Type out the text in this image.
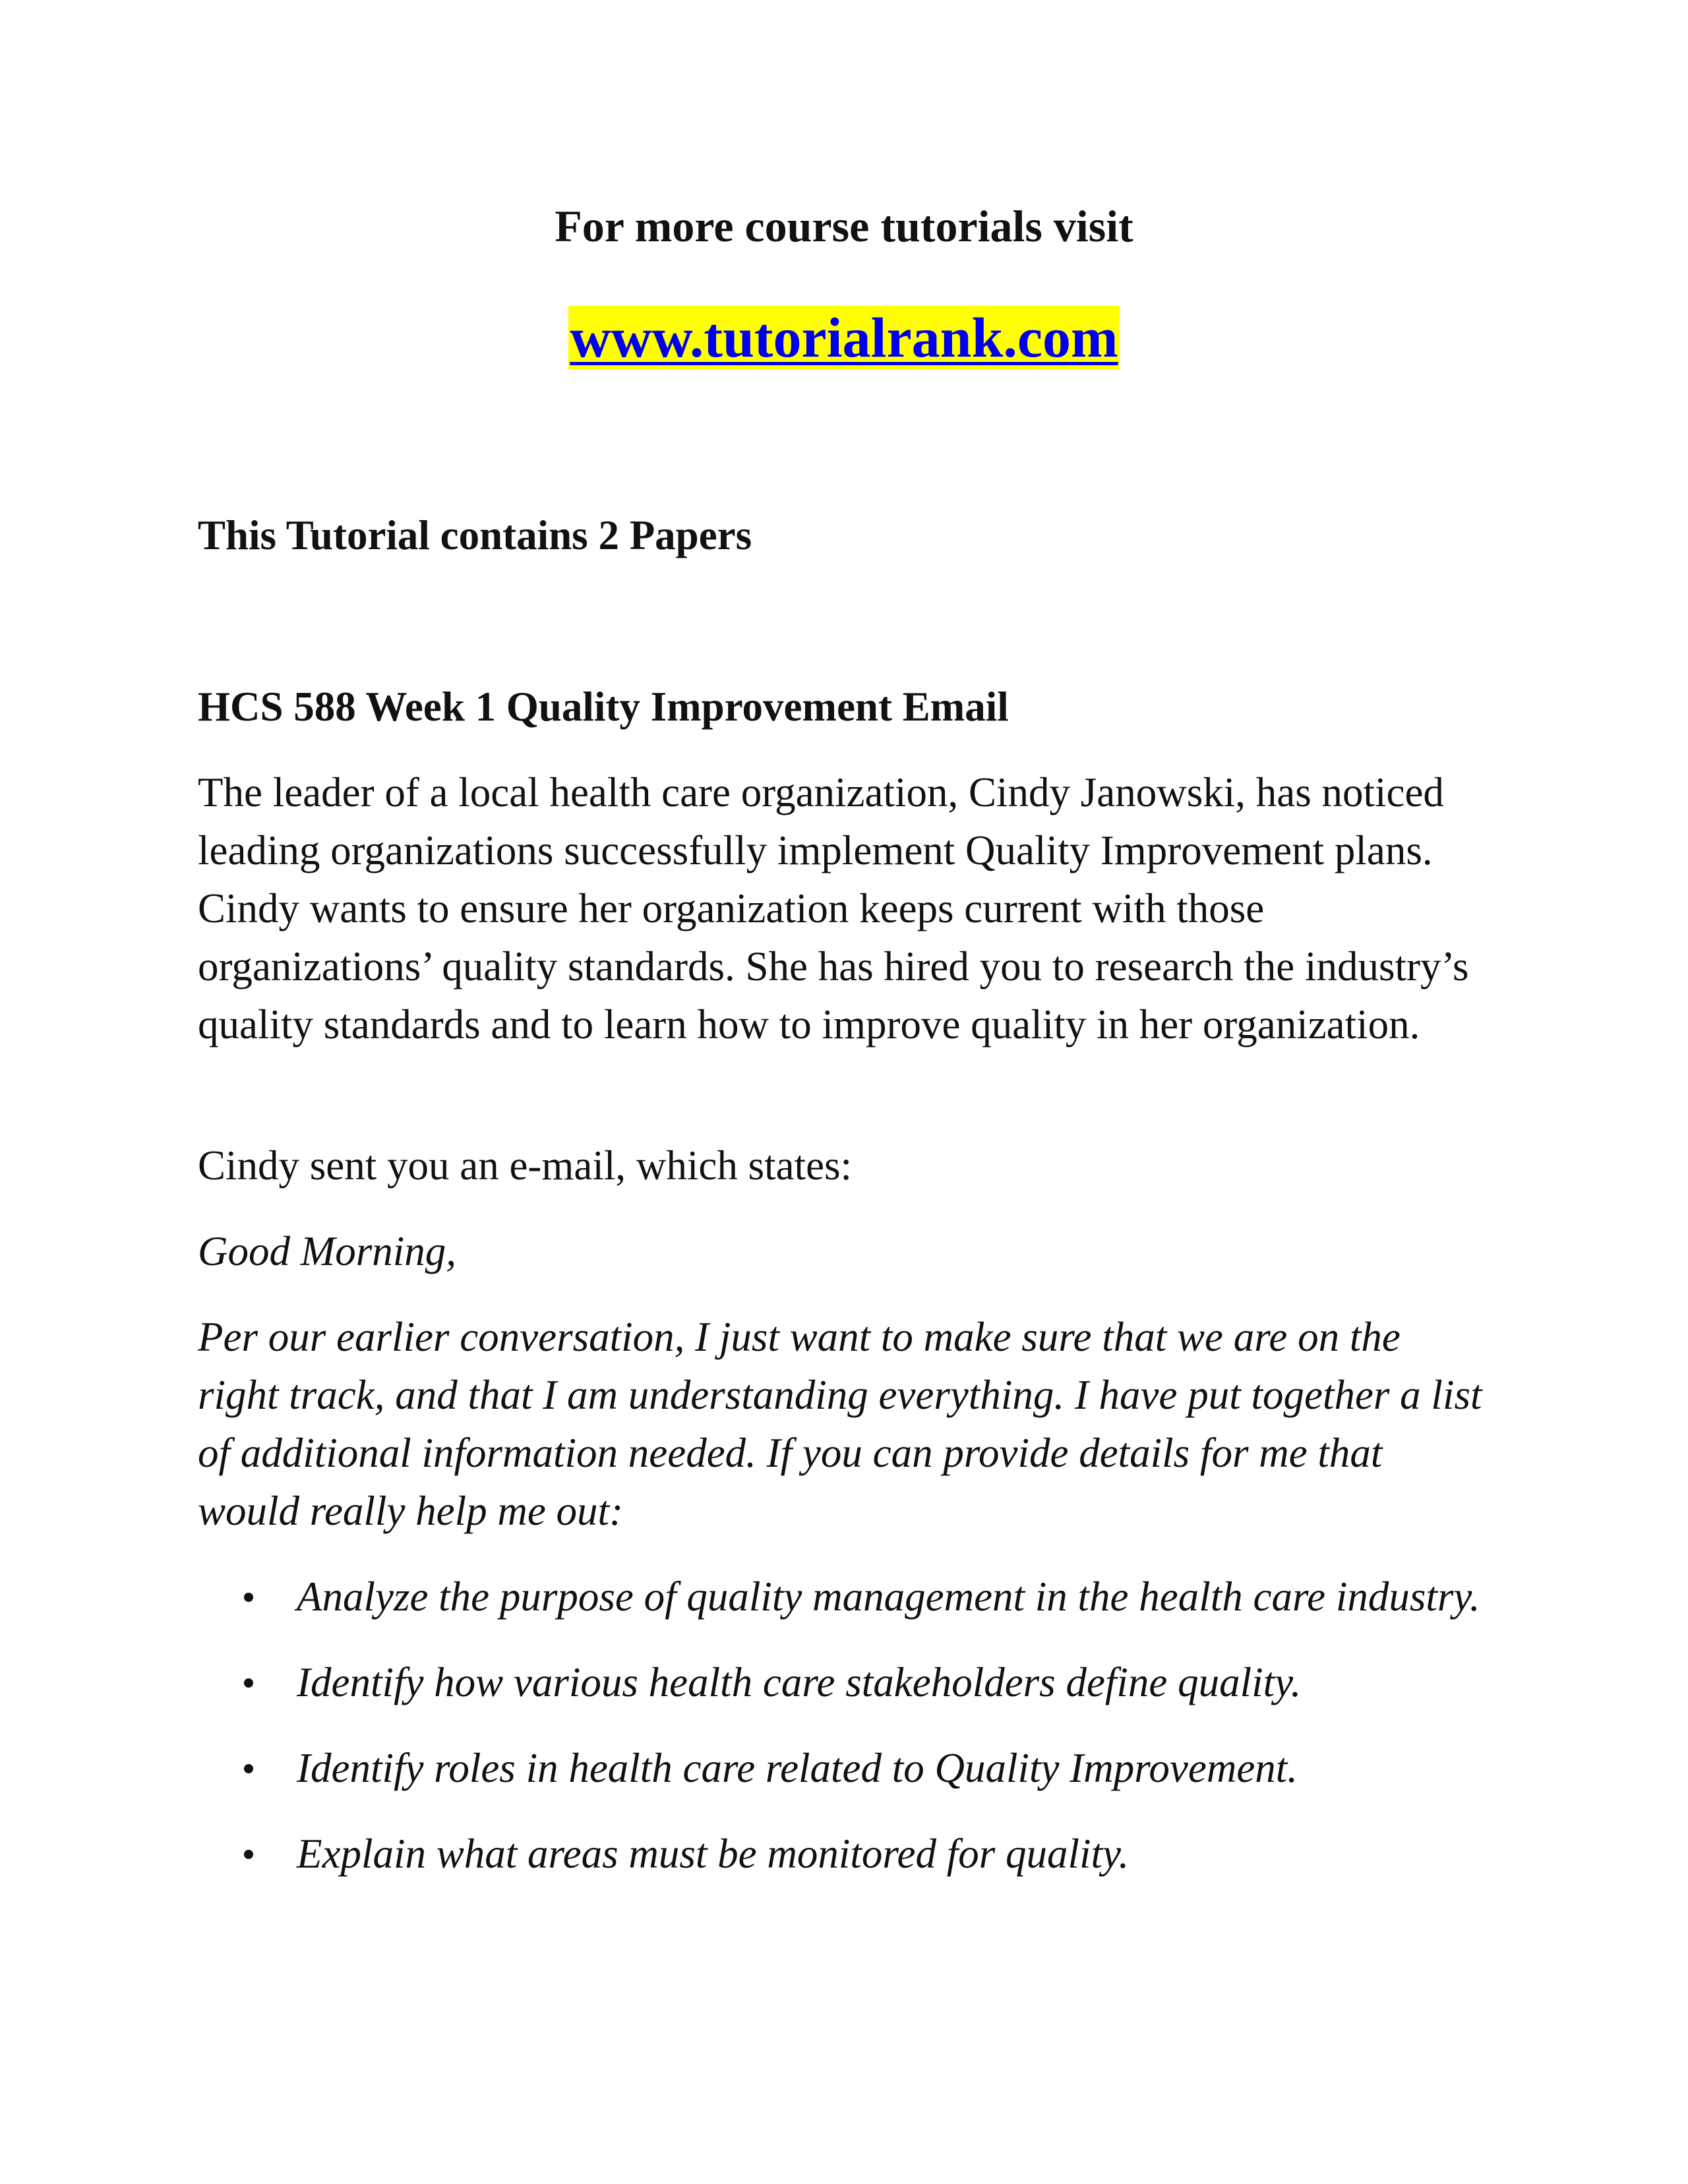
For more course tutorials visit
www.tutorialrank.com
This Tutorial contains 2 Papers
HCS 588 Week 1 Quality Improvement Email
The leader of a local health care organization, Cindy Janowski, has noticed leading organizations successfully implement Quality Improvement plans. Cindy wants to ensure her organization keeps current with those organizations’ quality standards. She has hired you to research the industry’s quality standards and to learn how to improve quality in her organization.
Cindy sent you an e-mail, which states:
Good Morning,
Per our earlier conversation, I just want to make sure that we are on the right track, and that I am understanding everything. I have put together a list of additional information needed. If you can provide details for me that would really help me out:
Analyze the purpose of quality management in the health care industry.
Identify how various health care stakeholders define quality.
Identify roles in health care related to Quality Improvement.
Explain what areas must be monitored for quality.
